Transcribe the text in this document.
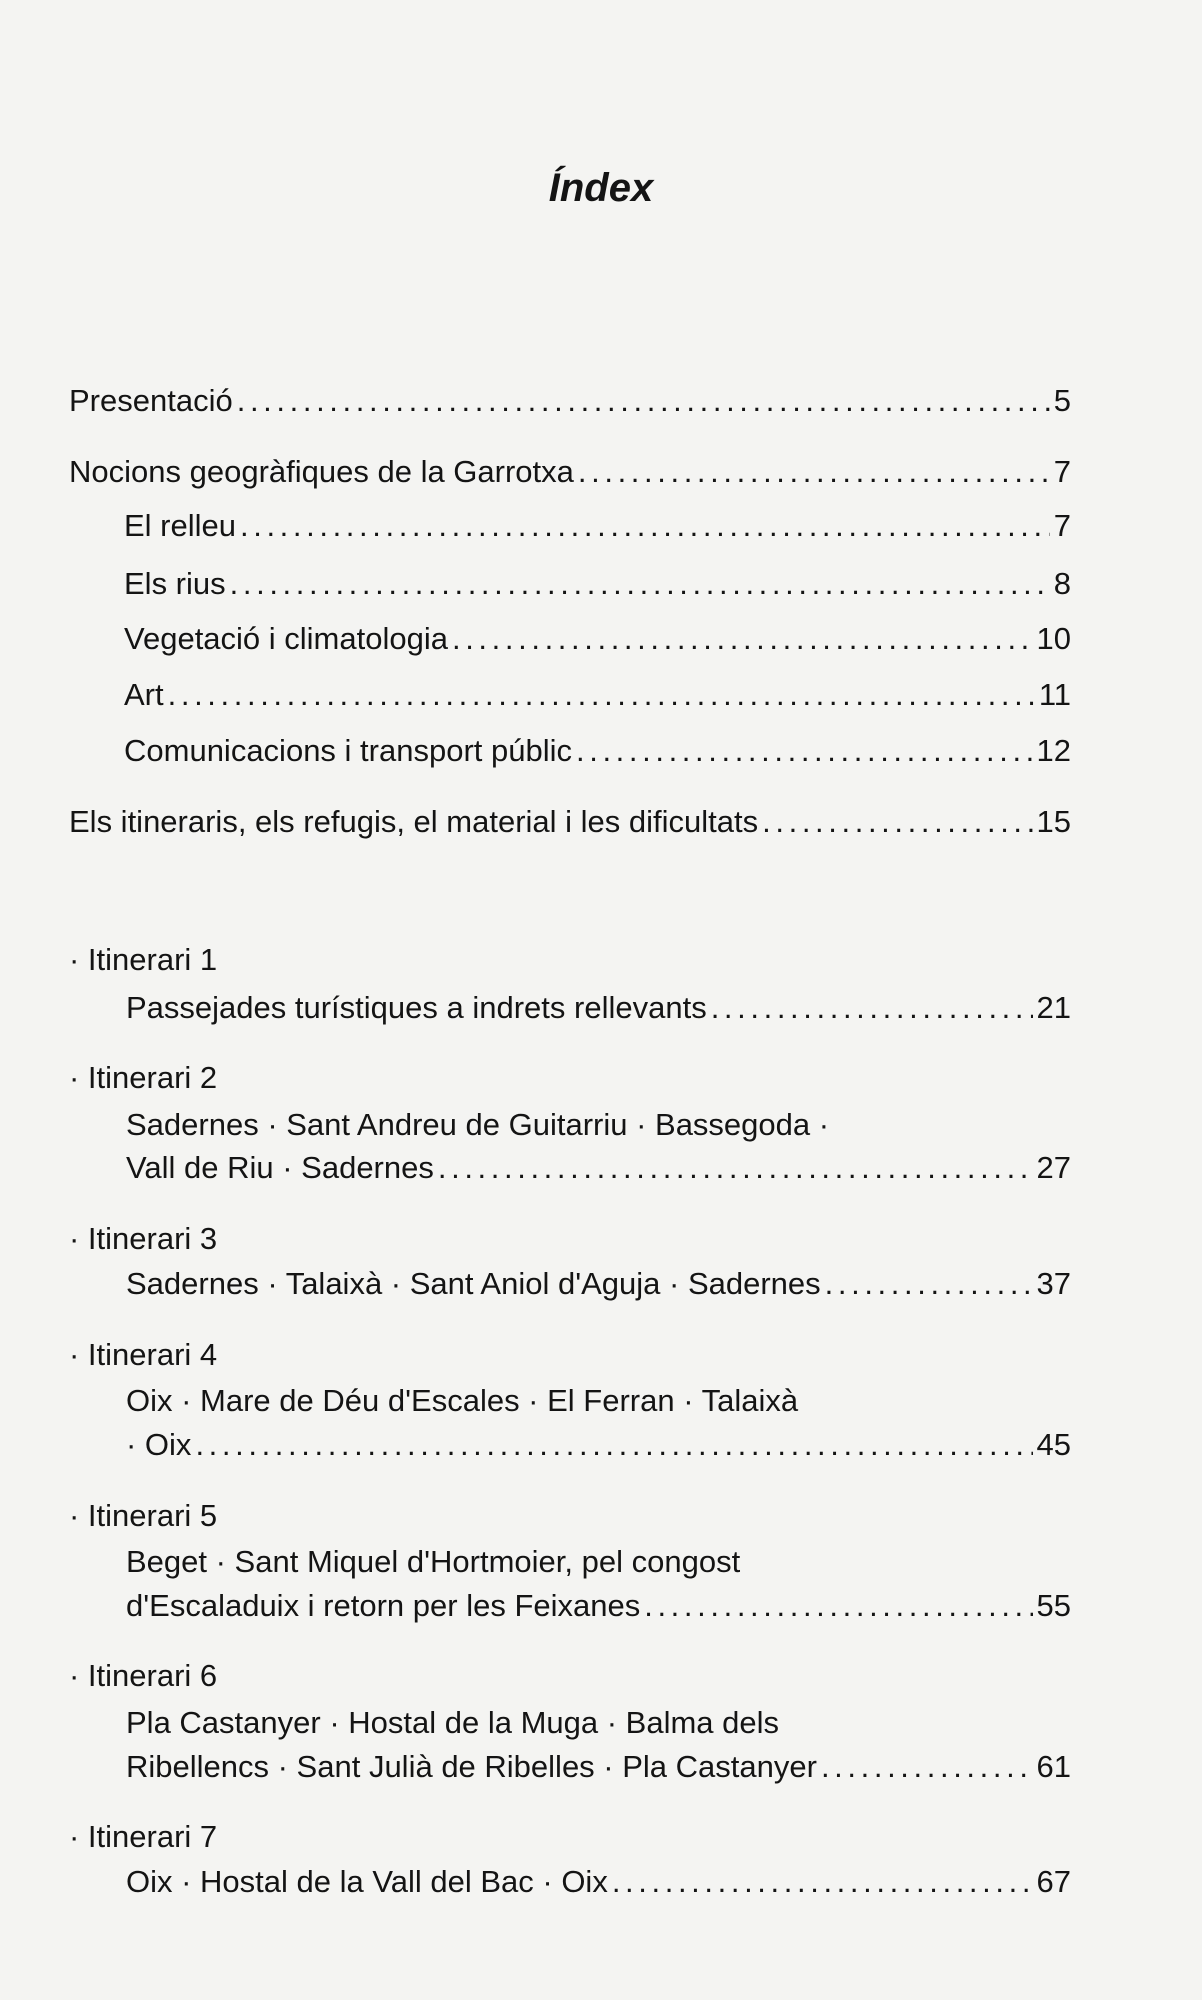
Índex
Presentació . . .	5
Nocions geogràfiques de la Garrotxa . . .	7
El relleu . . .	7
Els rius . . .	8
Vegetació i climatologia . . .	10
Art . . .	11
Comunicacions i transport públic . . .	12
Els itineraris, els refugis, el material i les dificultats . . .	15
· Itinerari 1
Passejades turístiques a indrets rellevants . . .	21
· Itinerari 2
Sadernes · Sant Andreu de Guitarriu · Bassegoda ·
Vall de Riu · Sadernes . . .	27
· Itinerari 3
Sadernes · Talaixà · Sant Aniol d'Aguja · Sadernes . . .	37
· Itinerari 4
Oix · Mare de Déu d'Escales · El Ferran · Talaixà
· Oix . . .	45
· Itinerari 5
Beget · Sant Miquel d'Hortmoier, pel congost
d'Escaladuix i retorn per les Feixanes . . .	55
· Itinerari 6
Pla Castanyer · Hostal de la Muga · Balma dels
Ribellencs · Sant Julià de Ribelles · Pla Castanyer . . .	61
· Itinerari 7
Oix · Hostal de la Vall del Bac · Oix . . .	67
